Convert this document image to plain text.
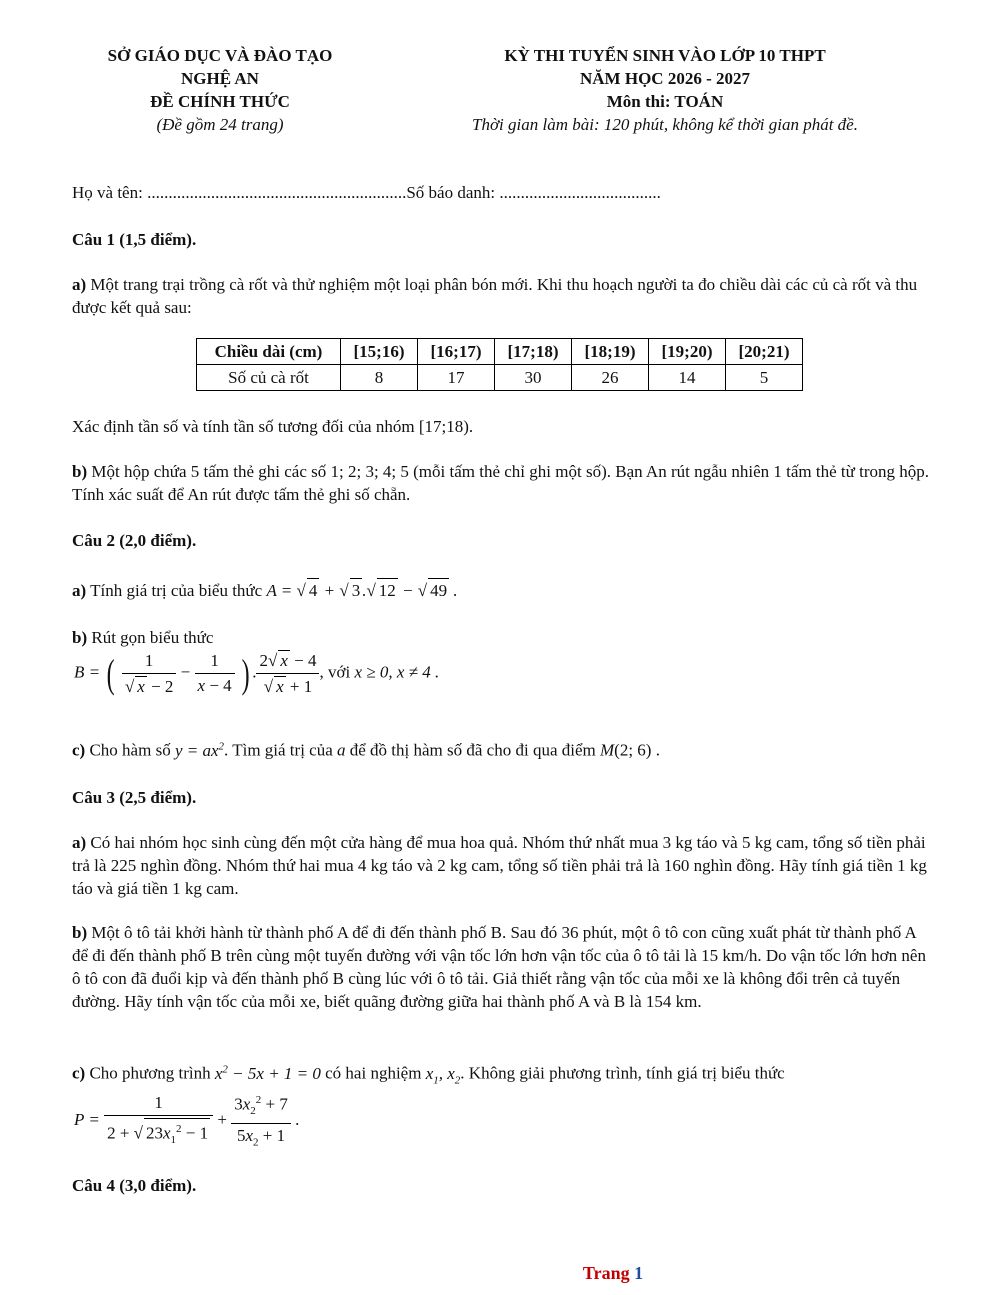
SỞ GIÁO DỤC VÀ ĐÀO TẠO
NGHỆ AN
ĐỀ CHÍNH THỨC
(Đề gồm 24 trang)
KỲ THI TUYỂN SINH VÀO LỚP 10 THPT
NĂM HỌC 2026 - 2027
Môn thi: TOÁN
Thời gian làm bài: 120 phút, không kể thời gian phát đề.
Họ và tên: .............................................................Số báo danh: ......................................
Câu 1 (1,5 điểm).
a) Một trang trại trồng cà rốt và thử nghiệm một loại phân bón mới. Khi thu hoạch người ta đo chiều dài các củ cà rốt và thu được kết quả sau:
Chiều dài (cm)	[15;16)	[16;17)	[17;18)	[18;19)	[19;20)	[20;21)
Số củ cà rốt	8	17	30	26	14	5
Xác định tần số và tính tần số tương đối của nhóm [17;18).
b) Một hộp chứa 5 tấm thẻ ghi các số 1; 2; 3; 4; 5 (mỗi tấm thẻ chỉ ghi một số). Bạn An rút ngẫu nhiên 1 tấm thẻ từ trong hộp. Tính xác suất để An rút được tấm thẻ ghi số chẵn.
Câu 2 (2,0 điểm).
a) Tính giá trị của biểu thức A = √ 4 + √ 3 .√ 12 − √ 49 .
b) Rút gọn biểu thức
B = ( $\frac{1}{√ x - 2} - \frac{1}{x - 4}$ ) . $\frac{2√ x - 4}{√ x + 1}$ , với x ≥ 0, x ≠ 4 .
c) Cho hàm số $y = ax^2$. Tìm giá trị của a để đồ thị hàm số đã cho đi qua điểm M(2; 6) .
Câu 3 (2,5 điểm).
a) Có hai nhóm học sinh cùng đến một cửa hàng để mua hoa quả. Nhóm thứ nhất mua 3 kg táo và 5 kg cam, tổng số tiền phải trả là 225 nghìn đồng. Nhóm thứ hai mua 4 kg táo và 2 kg cam, tổng số tiền phải trả là 160 nghìn đồng. Hãy tính giá tiền 1 kg táo và giá tiền 1 kg cam.
b) Một ô tô tải khởi hành từ thành phố A để đi đến thành phố B. Sau đó 36 phút, một ô tô con cũng xuất phát từ thành phố A để đi đến thành phố B trên cùng một tuyến đường với vận tốc lớn hơn vận tốc của ô tô tải là 15 km/h. Do vận tốc lớn hơn nên ô tô con đã đuổi kịp và đến thành phố B cùng lúc với ô tô tải. Giả thiết rằng vận tốc của mỗi xe là không đổi trên cả tuyến đường. Hãy tính vận tốc của mỗi xe, biết quãng đường giữa hai thành phố A và B là 154 km.
c) Cho phương trình $x^2 - 5x + 1 = 0$ có hai nghiệm $x_1$, $x_2$. Không giải phương trình, tính giá trị biểu thức
$P = \frac{1}{2 + √ 23x_1^2 - 1} + \frac{3x_2^2 + 7}{5x_2 + 1}$ .
Câu 4 (3,0 điểm).
Trang 1
